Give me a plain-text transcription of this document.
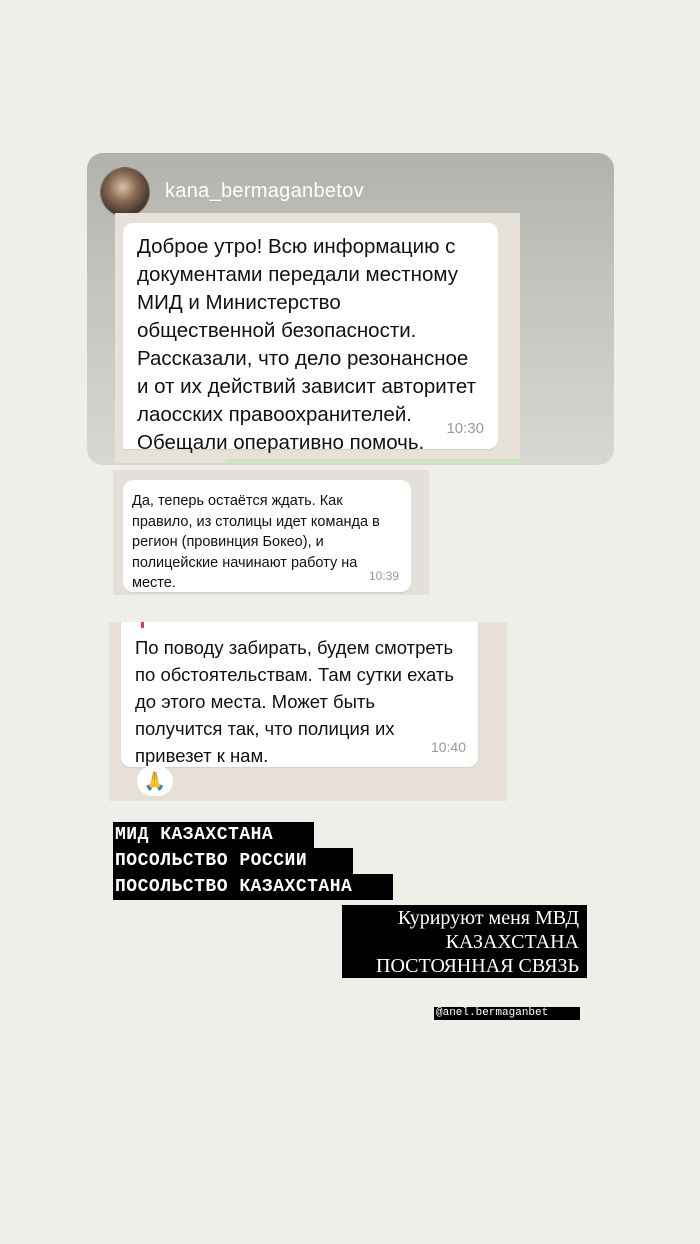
kana_bermaganbetov
Доброе утро! Всю информацию с документами передали местному МИД и Министерство общественной безопасности. Рассказали, что дело резонансное и от их действий зависит авторитет лаосских правоохранителей. Обещали оперативно помочь.
10:30
Да, теперь остаётся ждать. Как правило, из столицы идет команда в регион (провинция Бокео), и полицейские начинают работу на месте.	10:39
По поводу забирать, будем смотреть по обстоятельствам. Там сутки ехать до этого места. Может быть получится так, что полиция их привезет к нам.	10:40
🙏
МИД КАЗАХСТАНА
ПОСОЛЬСТВО РОССИИ
ПОСОЛЬСТВО КАЗАХСТАНА
Курируют меня МВД
КАЗАХСТАНА
ПОСТОЯННАЯ СВЯЗЬ
@anel.bermaganbet
